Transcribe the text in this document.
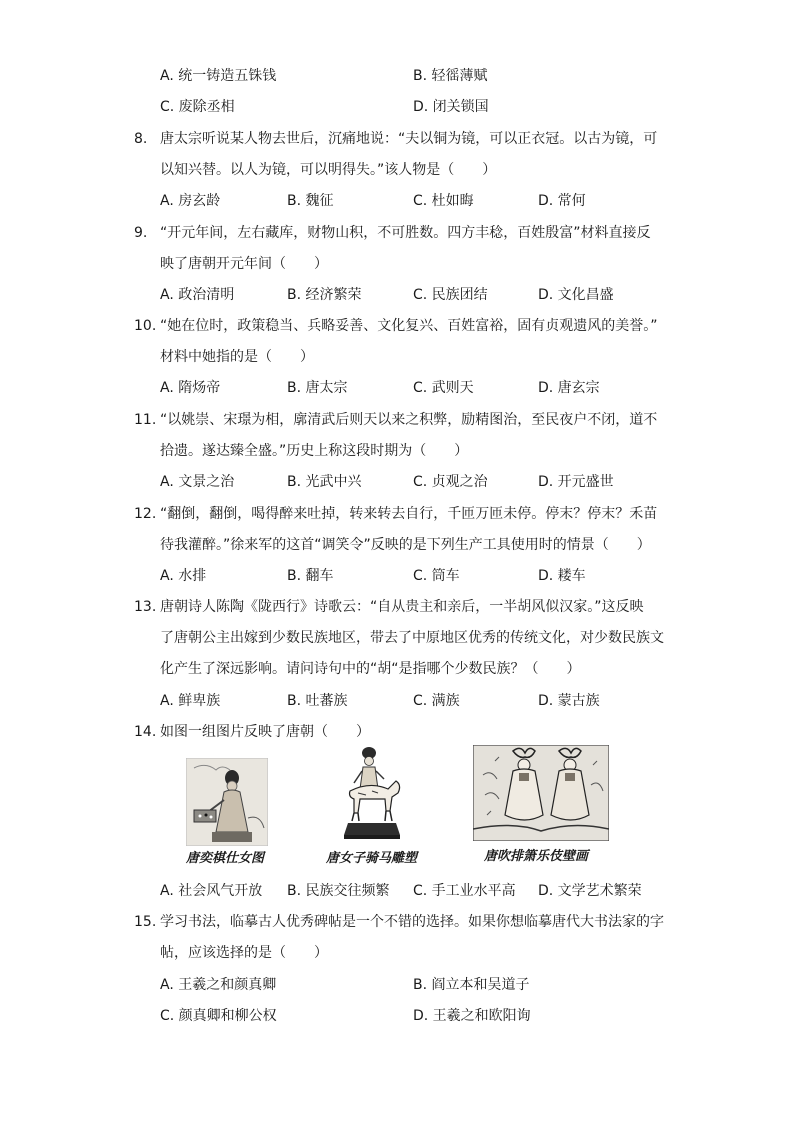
A. 统一铸造五铢钱	B. 轻徭薄赋
C. 废除丞相	D. 闭关锁国
8. 唐太宗听说某人物去世后，沉痛地说：“夫以铜为镜，可以正衣冠。以古为镜，可
以知兴替。以人为镜，可以明得失。”该人物是（　　）
A. 房玄龄	B. 魏征	C. 杜如晦	D. 常何
9. “开元年间，左右藏库，财物山积，不可胜数。四方丰稔，百姓殷富”材料直接反
映了唐朝开元年间（　　）
A. 政治清明	B. 经济繁荣	C. 民族团结	D. 文化昌盛
10. “她在位时，政策稳当、兵略妥善、文化复兴、百姓富裕，固有贞观遗风的美誉。”
材料中她指的是（　　）
A. 隋炀帝	B. 唐太宗	C. 武则天	D. 唐玄宗
11. “以姚崇、宋璟为相，廓清武后则天以来之积弊，励精图治，至民夜户不闭，道不
拾遗。遂达臻全盛。”历史上称这段时期为（　　）
A. 文景之治	B. 光武中兴	C. 贞观之治	D. 开元盛世
12. “翻倒，翻倒，喝得醉来吐掉，转来转去自行，千匝万匝未停。停末？停末？禾苗
待我灌醉。”徐来军的这首“调笑令”反映的是下列生产工具使用时的情景（　　）
A. 水排	B. 翻车	C. 筒车	D. 耧车
13. 唐朝诗人陈陶《陇西行》诗歌云：“自从贵主和亲后，一半胡风似汉家。”这反映
了唐朝公主出嫁到少数民族地区，带去了中原地区优秀的传统文化，对少数民族文
化产生了深远影响。请问诗句中的“胡“是指哪个少数民族？（　　）
A. 鲜卑族	B. 吐蕃族	C. 满族	D. 蒙古族
14. 如图一组图片反映了唐朝（　　）
唐奕棋仕女图	唐女子骑马雕塑	唐吹排箫乐伎壁画
A. 社会风气开放 B. 民族交往频繁 C. 手工业水平高 D. 文学艺术繁荣
15. 学习书法，临摹古人优秀碑帖是一个不错的选择。如果你想临摹唐代大书法家的字
帖，应该选择的是（　　）
A. 王羲之和颜真卿	B. 阎立本和吴道子
C. 颜真卿和柳公权	D. 王羲之和欧阳询
